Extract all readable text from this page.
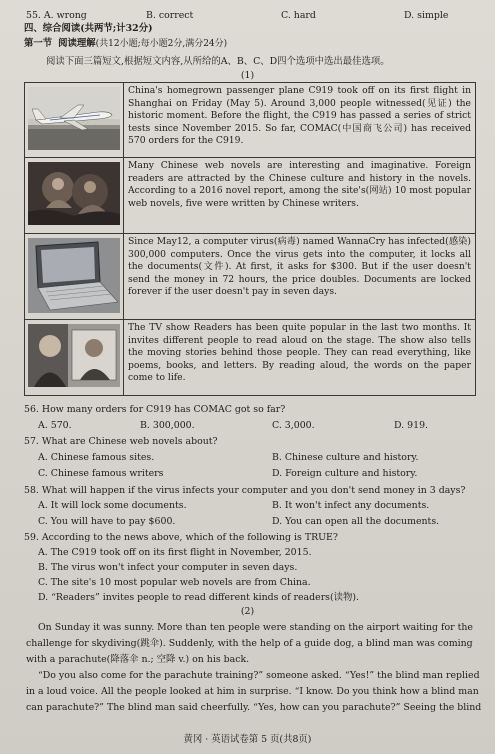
55. A. wrong	B. correct	C. hard	D. simple
四、综合阅读(共两节;计32分)
第一节 阅读理解(共12小题;每小题2分,满分24分)
阅读下面三篇短文,根据短文内容,从所给的A、B、C、D四个选项中选出最佳选项。
(1)
	China's homegrown passenger plane C919 took off on its first flight in Shanghai on Friday (May 5). Around 3,000 people witnessed(见证) the historic moment. Before the flight, the C919 has passed a series of strict tests since November 2015. So far, COMAC(中国商飞公司) has received 570 orders for the C919.

	Many Chinese web novels are interesting and imaginative. Foreign readers are attracted by the Chinese culture and history in the novels. According to a 2016 novel report, among the site's(网站) 10 most popular web novels, five were written by Chinese writers.

	Since May12, a computer virus(病毒) named WannaCry has infected(感染) 300,000 computers. Once the virus gets into the computer, it locks all the documents(文件). At first, it asks for $300. But if the user doesn't send the money in 72 hours, the price doubles. Documents are locked forever if the user doesn't pay in seven days.

	The TV show Readers has been quite popular in the last two months. It invites different people to read aloud on the stage. The show also tells the moving stories behind those people. They can read everything, like poems, books, and letters. By reading aloud, the words on the paper come to life.
56. How many orders for C919 has COMAC got so far?
A. 570.	B. 300,000.	C. 3,000.	D. 919.
57. What are Chinese web novels about?
A. Chinese famous sites.	B. Chinese culture and history.
C. Chinese famous writers	D. Foreign culture and history.
58. What will happen if the virus infects your computer and you don't send money in 3 days?
A. It will lock some documents.	B. It won't infect any documents.
C. You will have to pay $600.	D. You can open all the documents.
59. According to the news above, which of the following is TRUE?
A. The C919 took off on its first flight in November, 2015.
B. The virus won't infect your computer in seven days.
C. The site's 10 most popular web novels are from China.
D. “Readers” invites people to read different kinds of readers(读物).
(2)
On Sunday it was sunny. More than ten people were standing on the airport waiting for the
challenge for skydiving(跳伞). Suddenly, with the help of a guide dog, a blind man was coming
with a parachute(降落伞 n.; 空降 v.) on his back.
“Do you also come for the parachute training?” someone asked. “Yes!” the blind man replied
in a loud voice. All the people looked at him in surprise. “I know. Do you think how a blind man
can parachute?” The blind man said cheerfully. “Yes, how can you parachute?” Seeing the blind
黄冈 · 英语试卷第 5 页(共8页)
